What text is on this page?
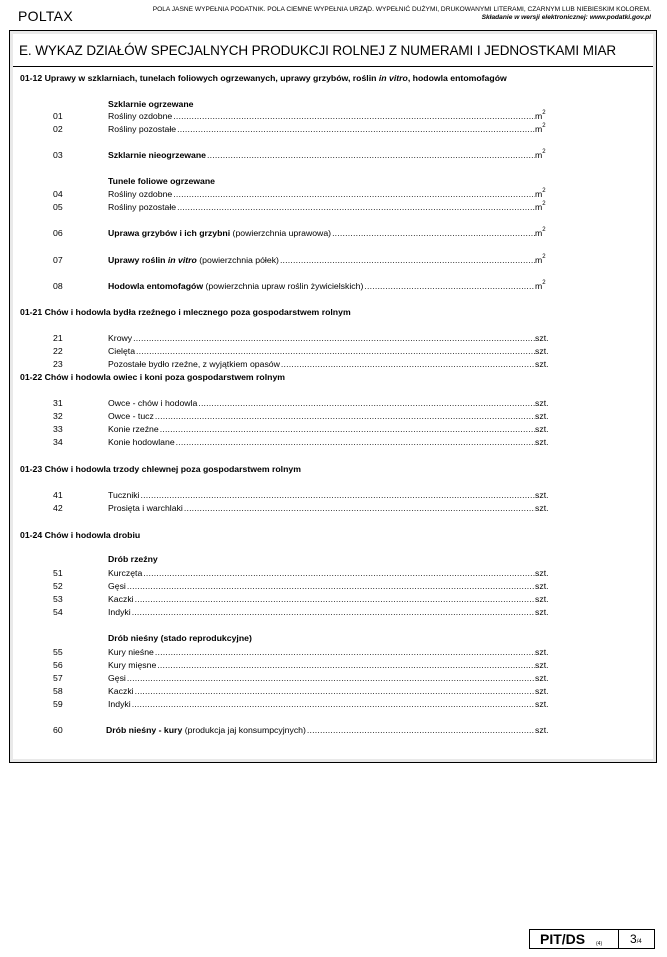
POLTAX	POLA JASNE WYPEŁNIA PODATNIK. POLA CIEMNE WYPEŁNIA URZĄD. WYPEŁNIĆ DUŻYMI, DRUKOWANYMI LITERAMI, CZARNYM LUB NIEBIESKIM KOLOREM.
Składanie w wersji elektronicznej: www.podatki.gov.pl
E. WYKAZ DZIAŁÓW SPECJALNYCH PRODUKCJI ROLNEJ Z NUMERAMI I JEDNOSTKAMI MIAR
01-12 Uprawy w szklarniach, tunelach foliowych ogrzewanych, uprawy grzybów, roślin in vitro, hodowla entomofagów
Szklarnie ogrzewane
01	Rośliny ozdobne .....	$m^2$
02	Rośliny pozostałe .....	$m^2$
03	Szklarnie nieogrzewane .....	$m^2$
Tunele foliowe ogrzewane
04	Rośliny ozdobne .....	$m^2$
05	Rośliny pozostałe .....	$m^2$
06	Uprawa grzybów i ich grzybni (powierzchnia uprawowa) .....	$m^2$
07	Uprawy roślin in vitro (powierzchnia półek) .....	$m^2$
08	Hodowla entomofagów (powierzchnia upraw roślin żywicielskich) .....	$m^2$
01-21 Chów i hodowla bydła rzeźnego i mlecznego poza gospodarstwem rolnym
21	Krowy .....	szt.
22	Cielęta .....	szt.
23	Pozostałe bydło rzeźne, z wyjątkiem opasów .....	szt.
01-22 Chów i hodowla owiec i koni poza gospodarstwem rolnym
31	Owce - chów i hodowla .....	szt.
32	Owce - tucz .....	szt.
33	Konie rzeźne .....	szt.
34	Konie hodowlane .....	szt.
01-23 Chów i hodowla trzody chlewnej poza gospodarstwem rolnym
41	Tuczniki .....	szt.
42	Prosięta i warchlaki .....	szt.
01-24 Chów i hodowla drobiu
Drób rzeźny
51	Kurczęta .....	szt.
52	Gęsi .....	szt.
53	Kaczki .....	szt.
54	Indyki .....	szt.
Drób nieśny (stado reprodukcyjne)
55	Kury nieśne .....	szt.
56	Kury mięsne .....	szt.
57	Gęsi .....	szt.
58	Kaczki .....	szt.
59	Indyki .....	szt.
60	Drób nieśny - kury (produkcja jaj konsumpcyjnych) .....	szt.
PIT/DS (4) 3/4
